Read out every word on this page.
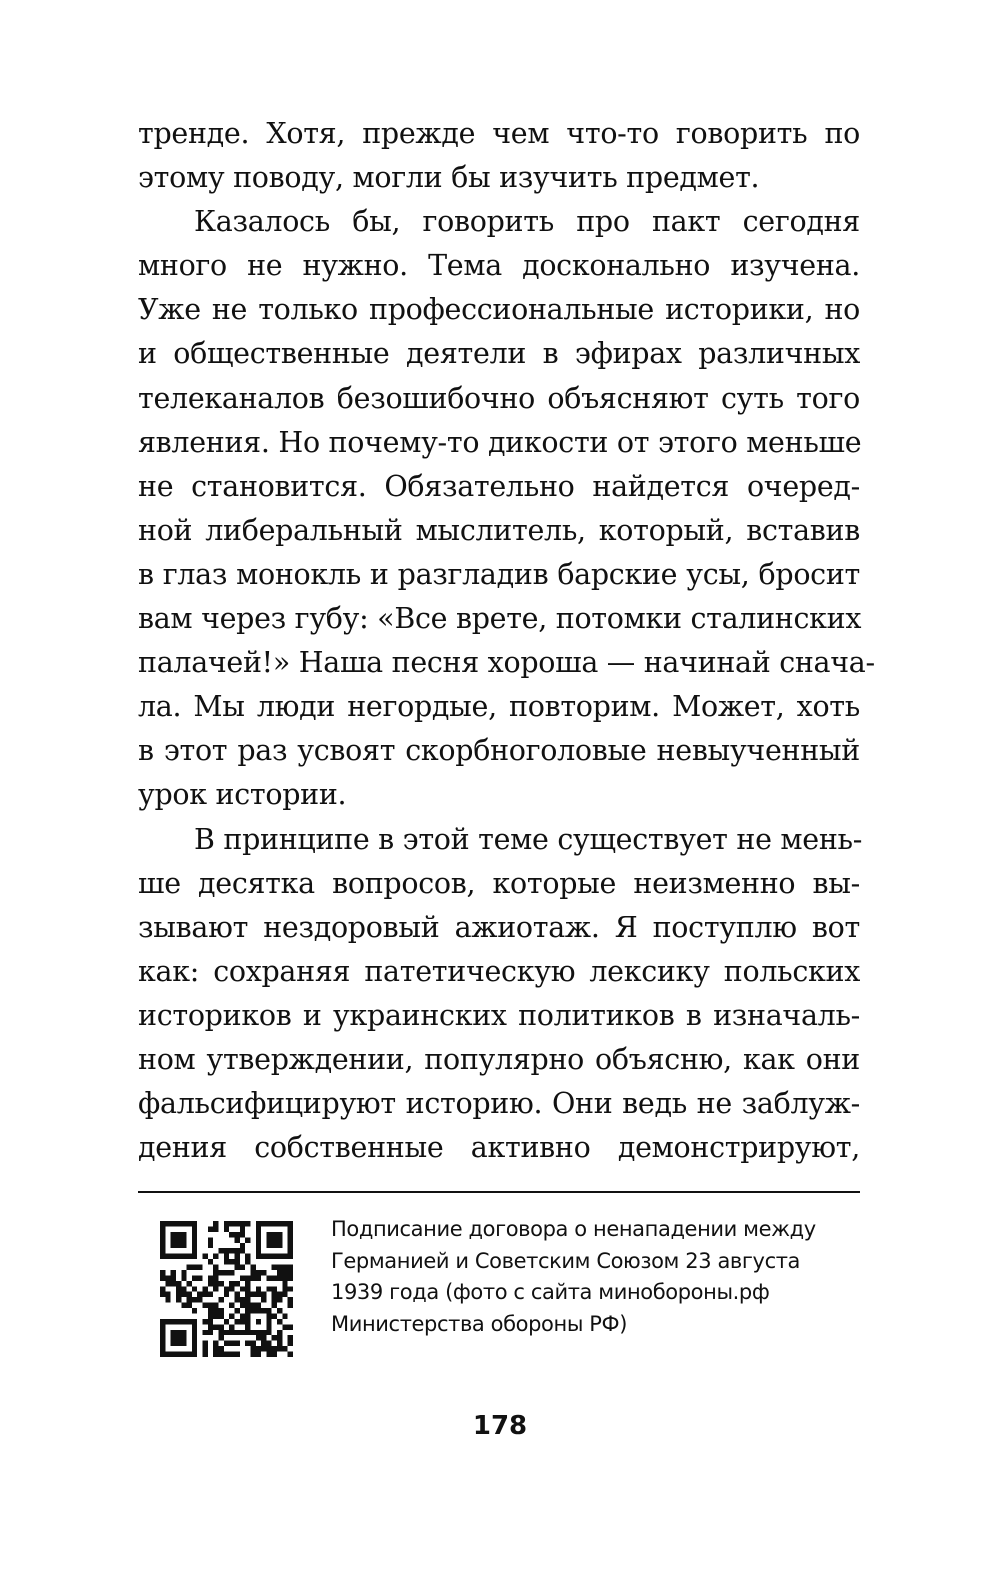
тренде. Хотя, прежде чем что-то говорить по
этому поводу, могли бы изучить предмет.
Казалось бы, говорить про пакт сегодня
много не нужно. Тема досконально изучена.
Уже не только профессиональные историки, но
и общественные деятели в эфирах различных
телеканалов безошибочно объясняют суть того
явления. Но почему-то дикости от этого меньше
не становится. Обязательно найдется очеред-
ной либеральный мыслитель, который, вставив
в глаз монокль и разгладив барские усы, бросит
вам через губу: «Все врете, потомки сталинских
палачей!» Наша песня хороша — начинай снача-
ла. Мы люди негордые, повторим. Может, хоть
в этот раз усвоят скорбноголовые невыученный
урок истории.
В принципе в этой теме существует не мень-
ше десятка вопросов, которые неизменно вы-
зывают нездоровый ажиотаж. Я поступлю вот
как: сохраняя патетическую лексику польских
историков и украинских политиков в изначаль-
ном утверждении, популярно объясню, как они
фальсифицируют историю. Они ведь не заблуж-
дения собственные активно демонстрируют,
Подписание договора о ненападении между
Германией и Советским Союзом 23 августа
1939 года (фото с сайта минобороны.рф
Министерства обороны РФ)
178
